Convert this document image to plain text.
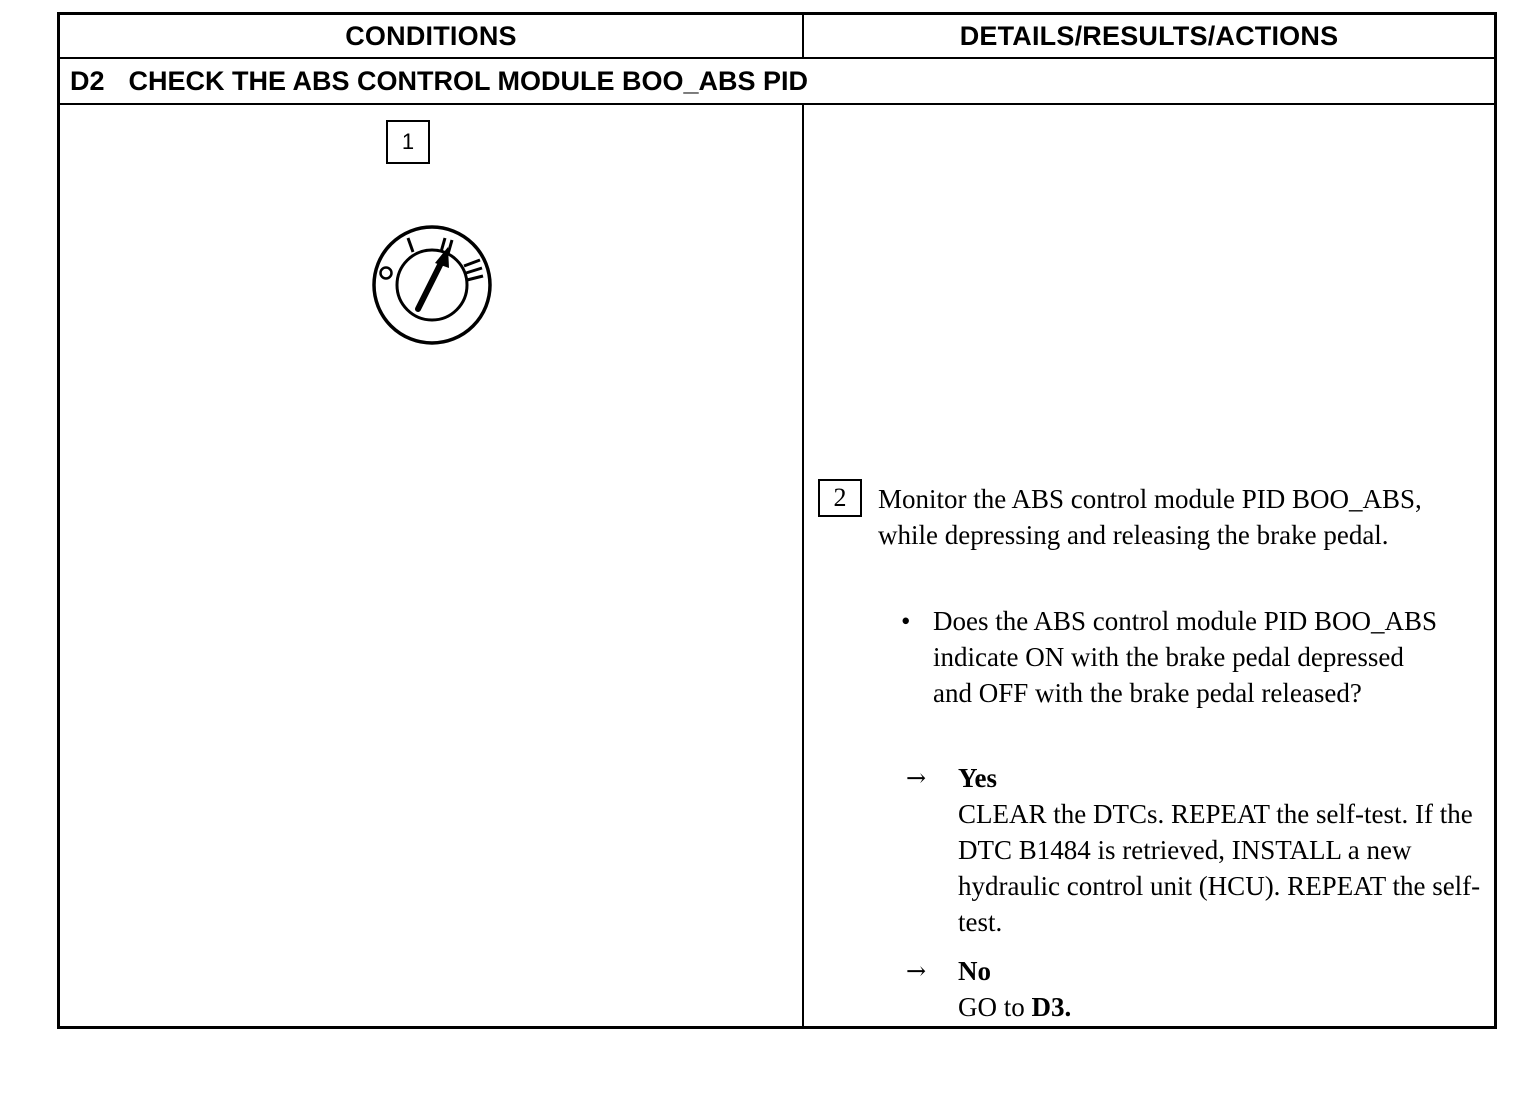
CONDITIONS	DETAILS/RESULTS/ACTIONS
D2 CHECK THE ABS CONTROL MODULE BOO_ABS PID
1
2	Monitor the ABS control module PID BOO_ABS, while depressing and releasing the brake pedal.
• Does the ABS control module PID BOO_ABS indicate ON with the brake pedal depressed and OFF with the brake pedal released?

→ Yes

CLEAR the DTCs. REPEAT the self-test. If the DTC B1484 is retrieved, INSTALL a new hydraulic control unit (HCU). REPEAT the self-test.

→ No

GO to D3.
